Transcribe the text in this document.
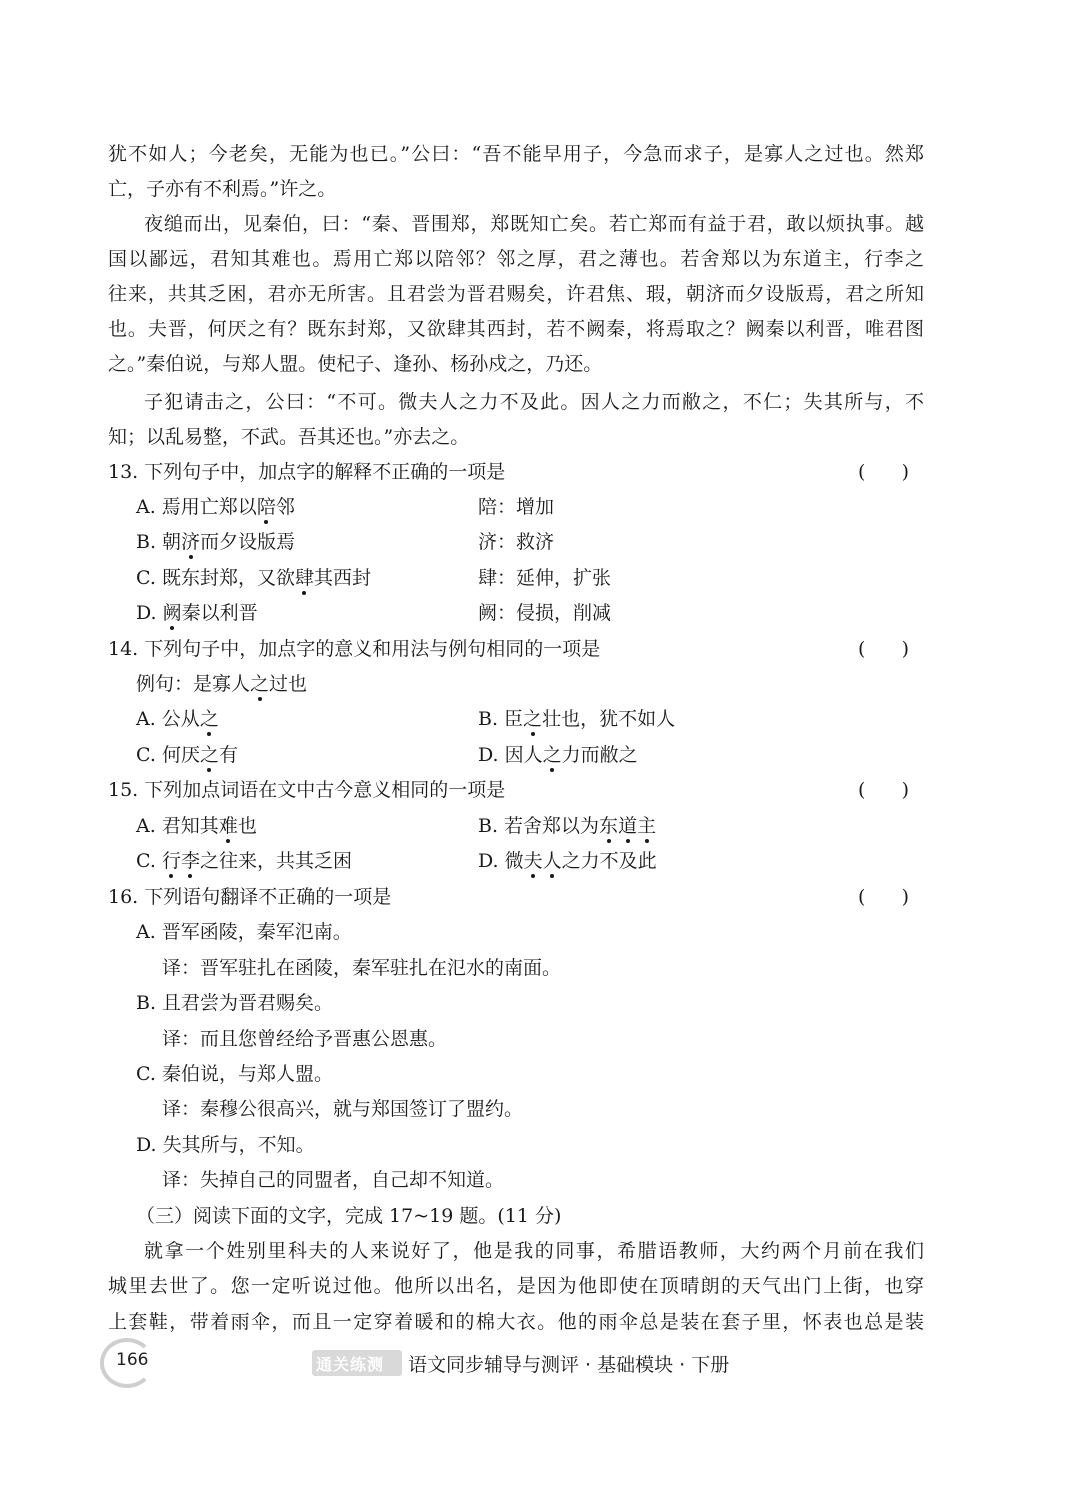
犹不如人；今老矣，无能为也已。”公曰：“吾不能早用子，今急而求子，是寡人之过也。然郑
亡，子亦有不利焉。”许之。
夜缒而出，见秦伯，曰：“秦、晋围郑，郑既知亡矣。若亡郑而有益于君，敢以烦执事。越
国以鄙远，君知其难也。焉用亡郑以陪邻？邻之厚，君之薄也。若舍郑以为东道主，行李之
往来，共其乏困，君亦无所害。且君尝为晋君赐矣，许君焦、瑕，朝济而夕设版焉，君之所知
也。夫晋，何厌之有？既东封郑，又欲肆其西封，若不阙秦，将焉取之？阙秦以利晋，唯君图
之。”秦伯说，与郑人盟。使杞子、逢孙、杨孙戍之，乃还。
子犯请击之，公曰：“不可。微夫人之力不及此。因人之力而敝之，不仁；失其所与，不
知；以乱易整，不武。吾其还也。”亦去之。
13. 下列句子中，加点字的解释不正确的一项是	(      )
A. 焉用亡郑以陪邻	陪：增加
B. 朝济而夕设版焉	济：救济
C. 既东封郑，又欲肆其西封	肆：延伸，扩张
D. 阙秦以利晋	阙：侵损，削减
14. 下列句子中，加点字的意义和用法与例句相同的一项是	(      )
例句：是寡人之过也
A. 公从之	B. 臣之壮也，犹不如人
C. 何厌之有	D. 因人之力而敝之
15. 下列加点词语在文中古今意义相同的一项是	(      )
A. 君知其难也	B. 若舍郑以为东道主
C. 行李之往来，共其乏困	D. 微夫人之力不及此
16. 下列语句翻译不正确的一项是	(      )
A. 晋军函陵，秦军氾南。
译：晋军驻扎在函陵，秦军驻扎在氾水的南面。
B. 且君尝为晋君赐矣。
译：而且您曾经给予晋惠公恩惠。
C. 秦伯说，与郑人盟。
译：秦穆公很高兴，就与郑国签订了盟约。
D. 失其所与，不知。
译：失掉自己的同盟者，自己却不知道。
（三）阅读下面的文字，完成 17~19 题。(11 分)
就拿一个姓别里科夫的人来说好了，他是我的同事，希腊语教师，大约两个月前在我们
城里去世了。您一定听说过他。他所以出名，是因为他即使在顶晴朗的天气出门上街，也穿
上套鞋，带着雨伞，而且一定穿着暖和的棉大衣。他的雨伞总是装在套子里，怀表也总是装
166	通关练测 语文同步辅导与测评 · 基础模块 · 下册
